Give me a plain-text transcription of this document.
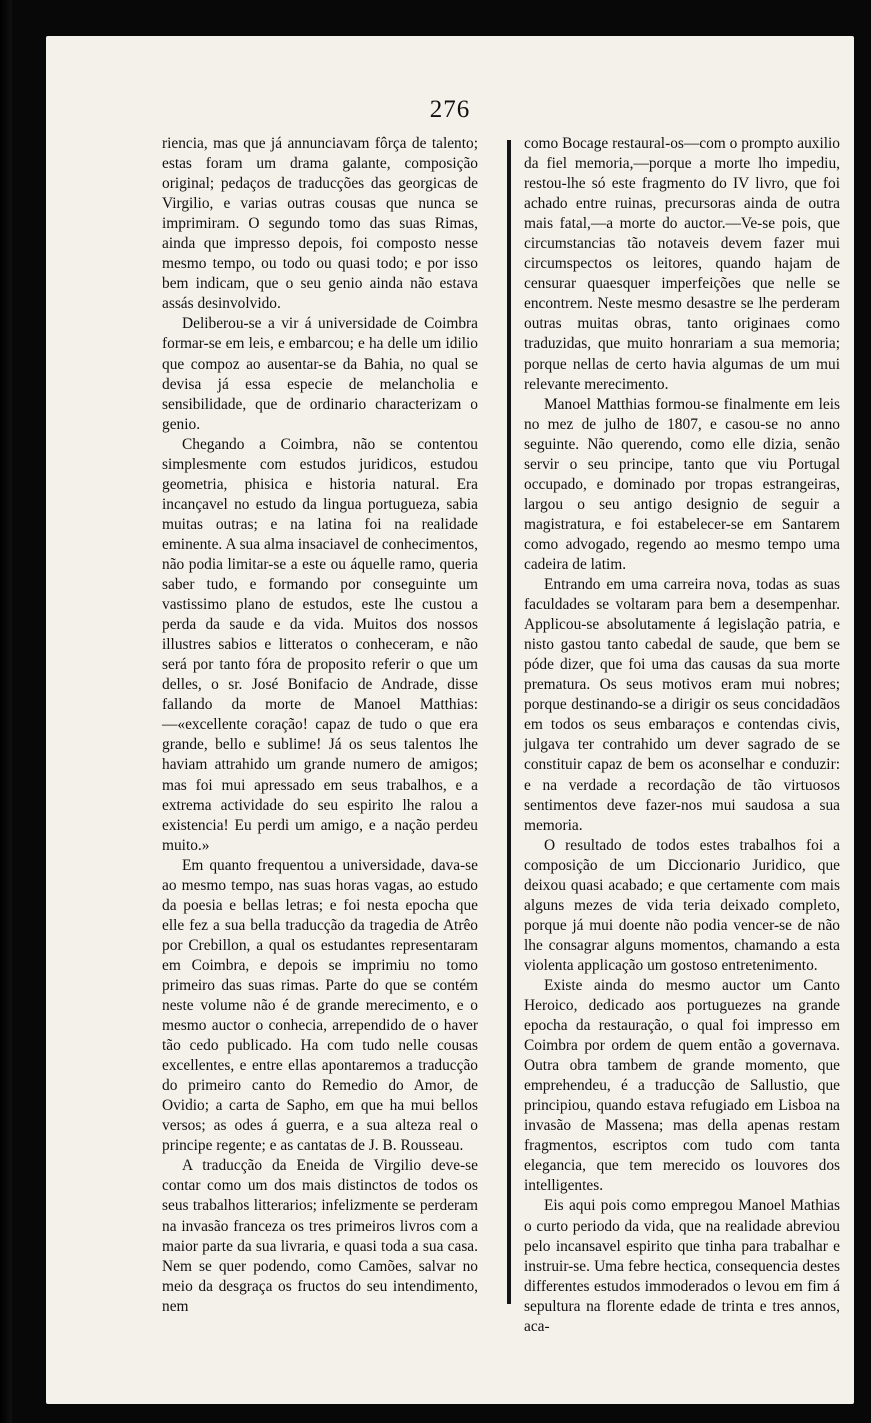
276

riencia, mas que já annunciavam fôrça de talento; estas foram um drama galante, composição original; pedaços de traducções das georgicas de Virgilio, e varias outras cousas que nunca se imprimiram. O segundo tomo das suas Rimas, ainda que impresso depois, foi composto nesse mesmo tempo, ou todo ou quasi todo; e por isso bem indicam, que o seu genio ainda não estava assás desinvolvido.

Deliberou-se a vir á universidade de Coimbra formar-se em leis, e embarcou; e ha delle um idilio que compoz ao ausentar-se da Bahia, no qual se devisa já essa especie de melancholia e sensibilidade, que de ordinario characterizam o genio.

Chegando a Coimbra, não se contentou simplesmente com estudos juridicos, estudou geometria, phisica e historia natural. Era incançavel no estudo da lingua portugueza, sabia muitas outras; e na latina foi na realidade eminente. A sua alma insaciavel de conhecimentos, não podia limitar-se a este ou áquelle ramo, queria saber tudo, e formando por conseguinte um vastissimo plano de estudos, este lhe custou a perda da saude e da vida. Muitos dos nossos illustres sabios e litteratos o conheceram, e não será por tanto fóra de proposito referir o que um delles, o sr. José Bonifacio de Andrade, disse fallando da morte de Manoel Matthias:—«excellente coração! capaz de tudo o que era grande, bello e sublime! Já os seus talentos lhe haviam attrahido um grande numero de amigos; mas foi mui apressado em seus trabalhos, e a extrema actividade do seu espirito lhe ralou a existencia! Eu perdi um amigo, e a nação perdeu muito.»

Em quanto frequentou a universidade, dava-se ao mesmo tempo, nas suas horas vagas, ao estudo da poesia e bellas letras; e foi nesta epocha que elle fez a sua bella traducção da tragedia de Atrêo por Crebillon, a qual os estudantes representaram em Coimbra, e depois se imprimiu no tomo primeiro das suas rimas. Parte do que se contém neste volume não é de grande merecimento, e o mesmo auctor o conhecia, arrependido de o haver tão cedo publicado. Ha com tudo nelle cousas excellentes, e entre ellas apontaremos a traducção do primeiro canto do Remedio do Amor, de Ovidio; a carta de Sapho, em que ha mui bellos versos; as odes á guerra, e a sua alteza real o principe regente; e as cantatas de J. B. Rousseau.

A traducção da Eneida de Virgilio deve-se contar como um dos mais distinctos de todos os seus trabalhos litterarios; infelizmente se perderam na invasão franceza os tres primeiros livros com a maior parte da sua livraria, e quasi toda a sua casa. Nem se quer podendo, como Camões, salvar no meio da desgraça os fructos do seu intendimento, nem

como Bocage restaural-os—com o prompto auxilio da fiel memoria,—porque a morte lho impediu, restou-lhe só este fragmento do IV livro, que foi achado entre ruinas, precursoras ainda de outra mais fatal,—a morte do auctor.—Ve-se pois, que circumstancias tão notaveis devem fazer mui circumspectos os leitores, quando hajam de censurar quaesquer imperfeições que nelle se encontrem. Neste mesmo desastre se lhe perderam outras muitas obras, tanto originaes como traduzidas, que muito honrariam a sua memoria; porque nellas de certo havia algumas de um mui relevante merecimento.

Manoel Matthias formou-se finalmente em leis no mez de julho de 1807, e casou-se no anno seguinte. Não querendo, como elle dizia, senão servir o seu principe, tanto que viu Portugal occupado, e dominado por tropas estrangeiras, largou o seu antigo designio de seguir a magistratura, e foi estabelecer-se em Santarem como advogado, regendo ao mesmo tempo uma cadeira de latim.

Entrando em uma carreira nova, todas as suas faculdades se voltaram para bem a desempenhar. Applicou-se absolutamente á legislação patria, e nisto gastou tanto cabedal de saude, que bem se póde dizer, que foi uma das causas da sua morte prematura. Os seus motivos eram mui nobres; porque destinando-se a dirigir os seus concidadãos em todos os seus embaraços e contendas civis, julgava ter contrahido um dever sagrado de se constituir capaz de bem os aconselhar e conduzir: e na verdade a recordação de tão virtuosos sentimentos deve fazer-nos mui saudosa a sua memoria.

O resultado de todos estes trabalhos foi a composição de um Diccionario Juridico, que deixou quasi acabado; e que certamente com mais alguns mezes de vida teria deixado completo, porque já mui doente não podia vencer-se de não lhe consagrar alguns momentos, chamando a esta violenta applicação um gostoso entretenimento.

Existe ainda do mesmo auctor um Canto Heroico, dedicado aos portuguezes na grande epocha da restauração, o qual foi impresso em Coimbra por ordem de quem então a governava. Outra obra tambem de grande momento, que emprehendeu, é a traducção de Sallustio, que principiou, quando estava refugiado em Lisboa na invasão de Massena; mas della apenas restam fragmentos, escriptos com tudo com tanta elegancia, que tem merecido os louvores dos intelligentes.

Eis aqui pois como empregou Manoel Mathias o curto periodo da vida, que na realidade abreviou pelo incansavel espirito que tinha para trabalhar e instruir-se. Uma febre hectica, consequencia destes differentes estudos immoderados o levou em fim á sepultura na florente edade de trinta e tres annos, aca-
